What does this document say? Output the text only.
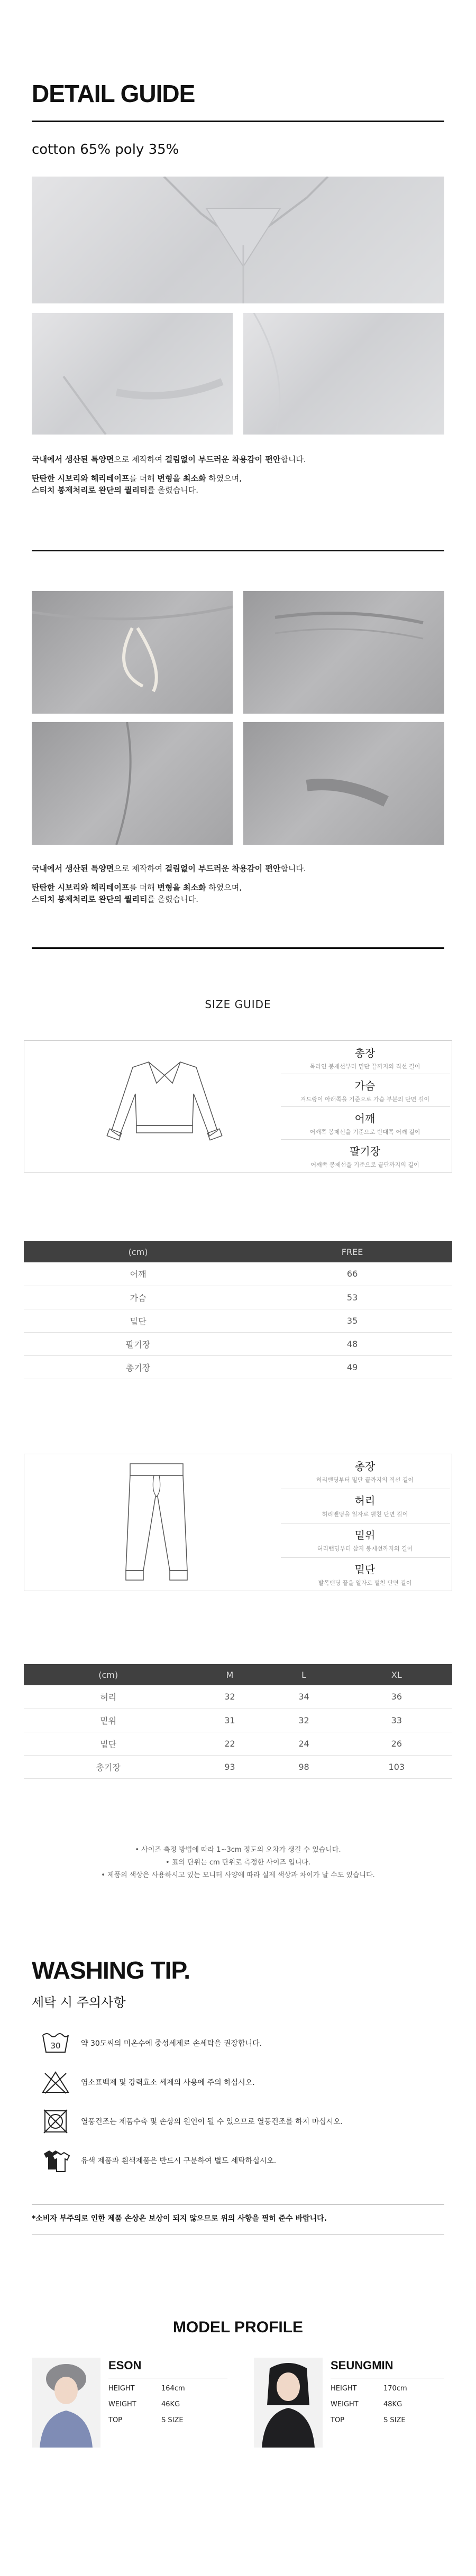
DETAIL GUIDE
cotton 65% poly 35%
국내에서 생산된 특양면으로 제작하여 걸림없이 부드러운 착용감이 편안합니다.
탄탄한 시보리와 헤리테이프를 더해 변형을 최소화 하였으며,
스티치 봉제처리로 완단의 퀄리티를 올렸습니다.
국내에서 생산된 특양면으로 제작하여 걸림없이 부드러운 착용감이 편안합니다.
탄탄한 시보리와 헤리테이프를 더해 변형을 최소화 하였으며,
스티치 봉제처리로 완단의 퀄리티를 올렸습니다.
SIZE GUIDE
총장
목라인 봉제선부터 밑단 끝까지의 직선 길이
가슴
겨드랑이 아래쪽을 기준으로 가슴 부분의 단면 길이
어깨
어깨쪽 봉제선을 기준으로 반대쪽 어깨 길이
팔기장
어깨쪽 봉제선을 기준으로 끝단까지의 길이
(cm)	FREE
어깨	66
가슴	53
밑단	35
팔기장	48
총기장	49
총장
허리밴딩부터 밑단 끝까지의 직선 길이
허리
허리밴딩을 일자로 펼친 단면 길이
밑위
허리밴딩부터 삼지 봉제선까지의 길이
밑단
발목밴딩 끝을 일자로 펼친 단면 길이
(cm)	M	L	XL
허리	32	34	36
밑위	31	32	33
밑단	22	24	26
총기장	93	98	103
• 사이즈 측정 방법에 따라 1~3cm 정도의 오차가 생길 수 있습니다.
• 표의 단위는 cm 단위로 측정한 사이즈 입니다.
• 제품의 색상은 사용하시고 있는 모니터 사양에 따라 실제 색상과 차이가 날 수도 있습니다.
WASHING TIP.
세탁 시 주의사항
30	약 30도씨의 미온수에 중성세제로 손세탁을 권장합니다.
염소표백제 및 강력효소 세제의 사용에 주의 하십시오.
열풍건조는 제품수축 및 손상의 원인이 될 수 있으므로 열풍건조를 하지 마십시오.
유색 제품과 흰색제품은 반드시 구분하여 별도 세탁하십시오.
*소비자 부주의로 인한 제품 손상은 보상이 되지 않으므로 위의 사항을 필히 준수 바랍니다.
MODEL PROFILE
ESON
HEIGHT	164cm
WEIGHT	46KG
TOP	S SIZE
SEUNGMIN
HEIGHT	170cm
WEIGHT	48KG
TOP	S SIZE
